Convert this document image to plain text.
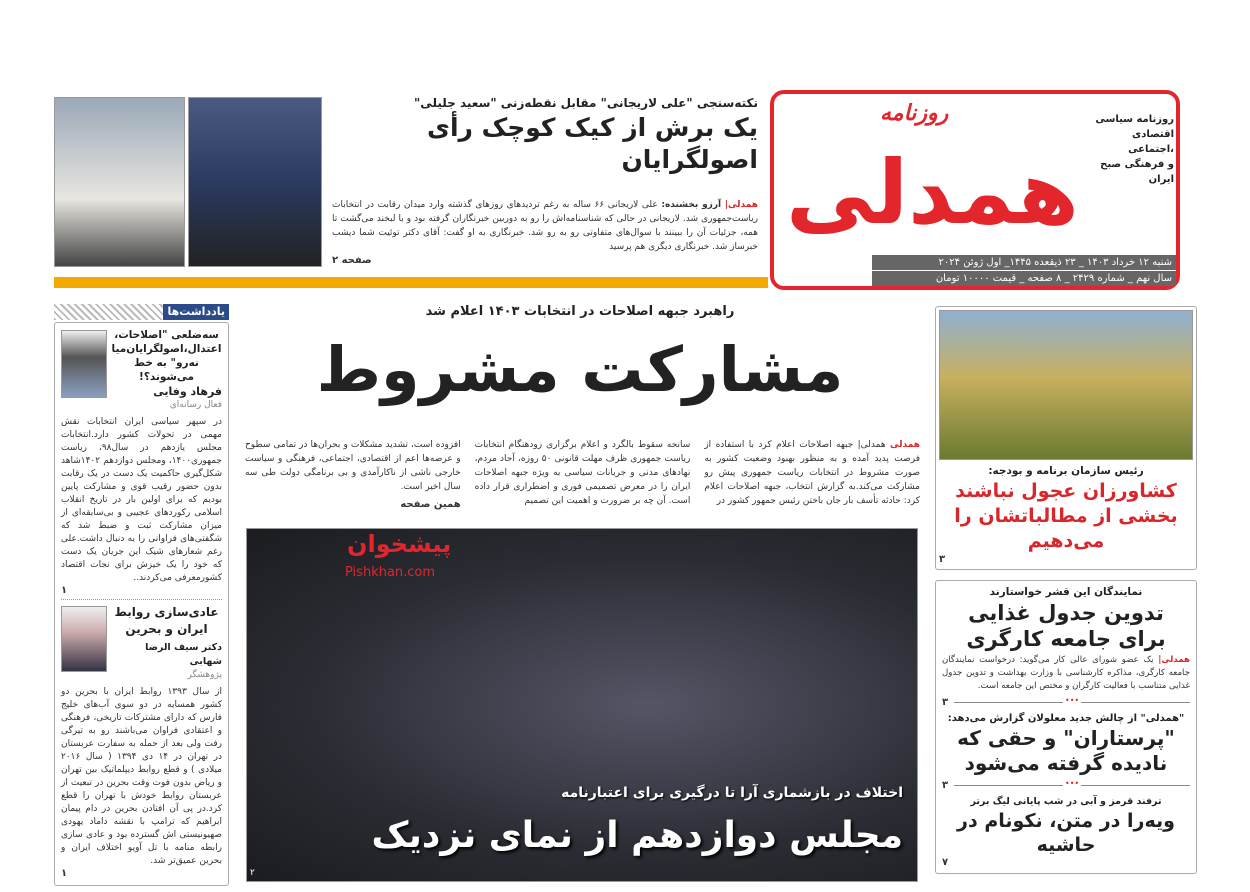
همدلی
روزنامه	روزنامه سیاسی
اقتصادی ،اجتماعی
و فرهنگی صبح ایران
شنبه ۱۲ خرداد ۱۴۰۳ _ ۲۳ ذیقعده ۱۴۴۵_ اول ژوئن ۲۰۲۴
سال نهم _ شماره ۲۴۲۹ _ ۸ صفحه _ قیمت ۱۰۰۰۰ تومان
نکته‌سنجی "علی لاریجانی" مقابل نقطه‌زنی "سعید جلیلی"
یک برش از کیک کوچک رأی اصولگرایان
همدلی| آرزو بخشنده: علی لاریجانی ۶۶ ساله به رغم تردیدهای روزهای گذشته وارد میدان رقابت در انتخابات ریاست‌جمهوری شد. لاریجانی در حالی که شناسنامه‌اش را رو به دوربین خبرنگاران گرفته بود و با لبخند می‌گشت تا همه، جزئیات آن را ببینند با سوال‌های متفاوتی رو به رو شد. خبرنگاری به او گفت: آقای دکتر توئیت شما دیشب خبرساز شد. خبرنگاری دیگری هم پرسید
صفحه ۲
یادداشت‌ها
سه‌ضلعی "اصلاحات، اعتدال،اصولگرایان‌میانه‌رو" به خط می‌شوند؟!
فرهاد وفایی
فعال رسانه‌ای
در سپهر سیاسی ایران انتخابات نقش مهمی در تحولات کشور دارد.انتخابات مجلس یازدهم در سال۹۸، ریاست جمهوری۱۴۰۰، ومجلس دوازدهم ۱۴۰۲شاهد شکل‌گیری حاکمیت یک دست در یک رقابت بدون حضور رقیب قوی و مشارکت پایین بودیم که برای اولین بار در تاریخ انقلاب اسلامی رکوردهای عجیبی و بی‌سابقه‌ای از میزان مشارکت ثبت و ضبط شد که شگفتی‌های فراوانی را به دنبال داشت.علی رغم شعارهای شیک این جریان یک دست که خود را یک خیزش برای نجات اقتصاد کشورمعرفی می‌کردند..
۱
عادی‌سازی روابط ایران و بحرین
دکتر سیف الرضا شهابی
پژوهشگر
از سال ۱۳۹۳ روابط ایران با بحرین دو کشور همسایه در دو سوی آب‌های خلیج فارس که دارای مشترکات تاریخی، فرهنگی و اعتقادی فراوان می‌باشند رو به تیرگی رفت ولی بعد از حمله به سفارت عربستان در تهران در ۱۴ دی ۱۳۹۴ ( سال ۲۰۱۶ میلادی ) و قطع روابط دیپلماتیک بین تهران و ریاض بدون فوت وقت بحرین در تبعیت از عربستان روابط خودش با تهران را قطع کرد.در پی آن افتادن بحرین در دام پیمان ابراهیم که ترامپ با نقشه داماد یهودی صهیونیستی اش گسترده بود و عادی سازی رابطه منامه با تل آویو اختلاف ایران و بحرین عمیق‌تر شد.
۱
راهبرد جبهه اصلاحات در انتخابات ۱۴۰۳ اعلام شد
مشارکت مشروط
همدلی همدلی| جبهه اصلاحات اعلام کرد با استفاده از فرصت پدید آمده و به منظور بهبود وضعیت کشور به صورت مشروط در انتخابات ریاست جمهوری پیش رو مشارکت می‌کند.به گزارش انتخاب، جبهه اصلاحات اعلام کرد: حادثه تأسف بار جان باختن رئیس جمهور کشور در
سانحه سقوط بالگرد و اعلام برگزاری زودهنگام انتخابات ریاست جمهوری ظرف مهلت قانونی ۵۰ روزه، آحاد مردم، نهادهای مدنی و جریانات سیاسی به ویژه جبهه اصلاحات ایران را در معرض تصمیمی فوری و اضطراری قرار داده است. آن چه بر ضرورت و اهمیت این تصمیم
افزوده است، تشدید مشکلات و بحران‌ها در تمامی سطوح و عرصه‌ها اعم از اقتصادی، اجتماعی، فرهنگی و سیاست خارجی ناشی از ناکارآمدی و بی برنامگی دولت طی سه سال اخیر است.
همین صفحه
پیشخوان
Pishkhan.com
اختلاف در بازشماری آرا تا درگیری برای اعتبارنامه
مجلس دوازدهم از نمای نزدیک
۲
رئیس سازمان برنامه و بودجه:
کشاورزان عجول نباشند بخشی از مطالباتشان را می‌دهیم
۳
نمایندگان این قشر خواستارند
تدوین جدول غذایی برای جامعه کارگری
همدلی| یک عضو شورای عالی کار می‌گوید: درخواست نمایندگان جامعه کارگری، مذاکره کارشناسی با وزارت بهداشت و تدوین جدول غذایی متناسب با فعالیت کارگران و مختص این جامعه است.
۳
•••
"همدلی" از چالش جدید معلولان گزارش می‌دهد:
"پرستاران" و حقی که نادیده گرفته می‌شود
۳
•••
ترفند قرمز و آبی در شب پایانی لیگ برتر
ویه‌را در متن، نکونام در حاشیه
۷
